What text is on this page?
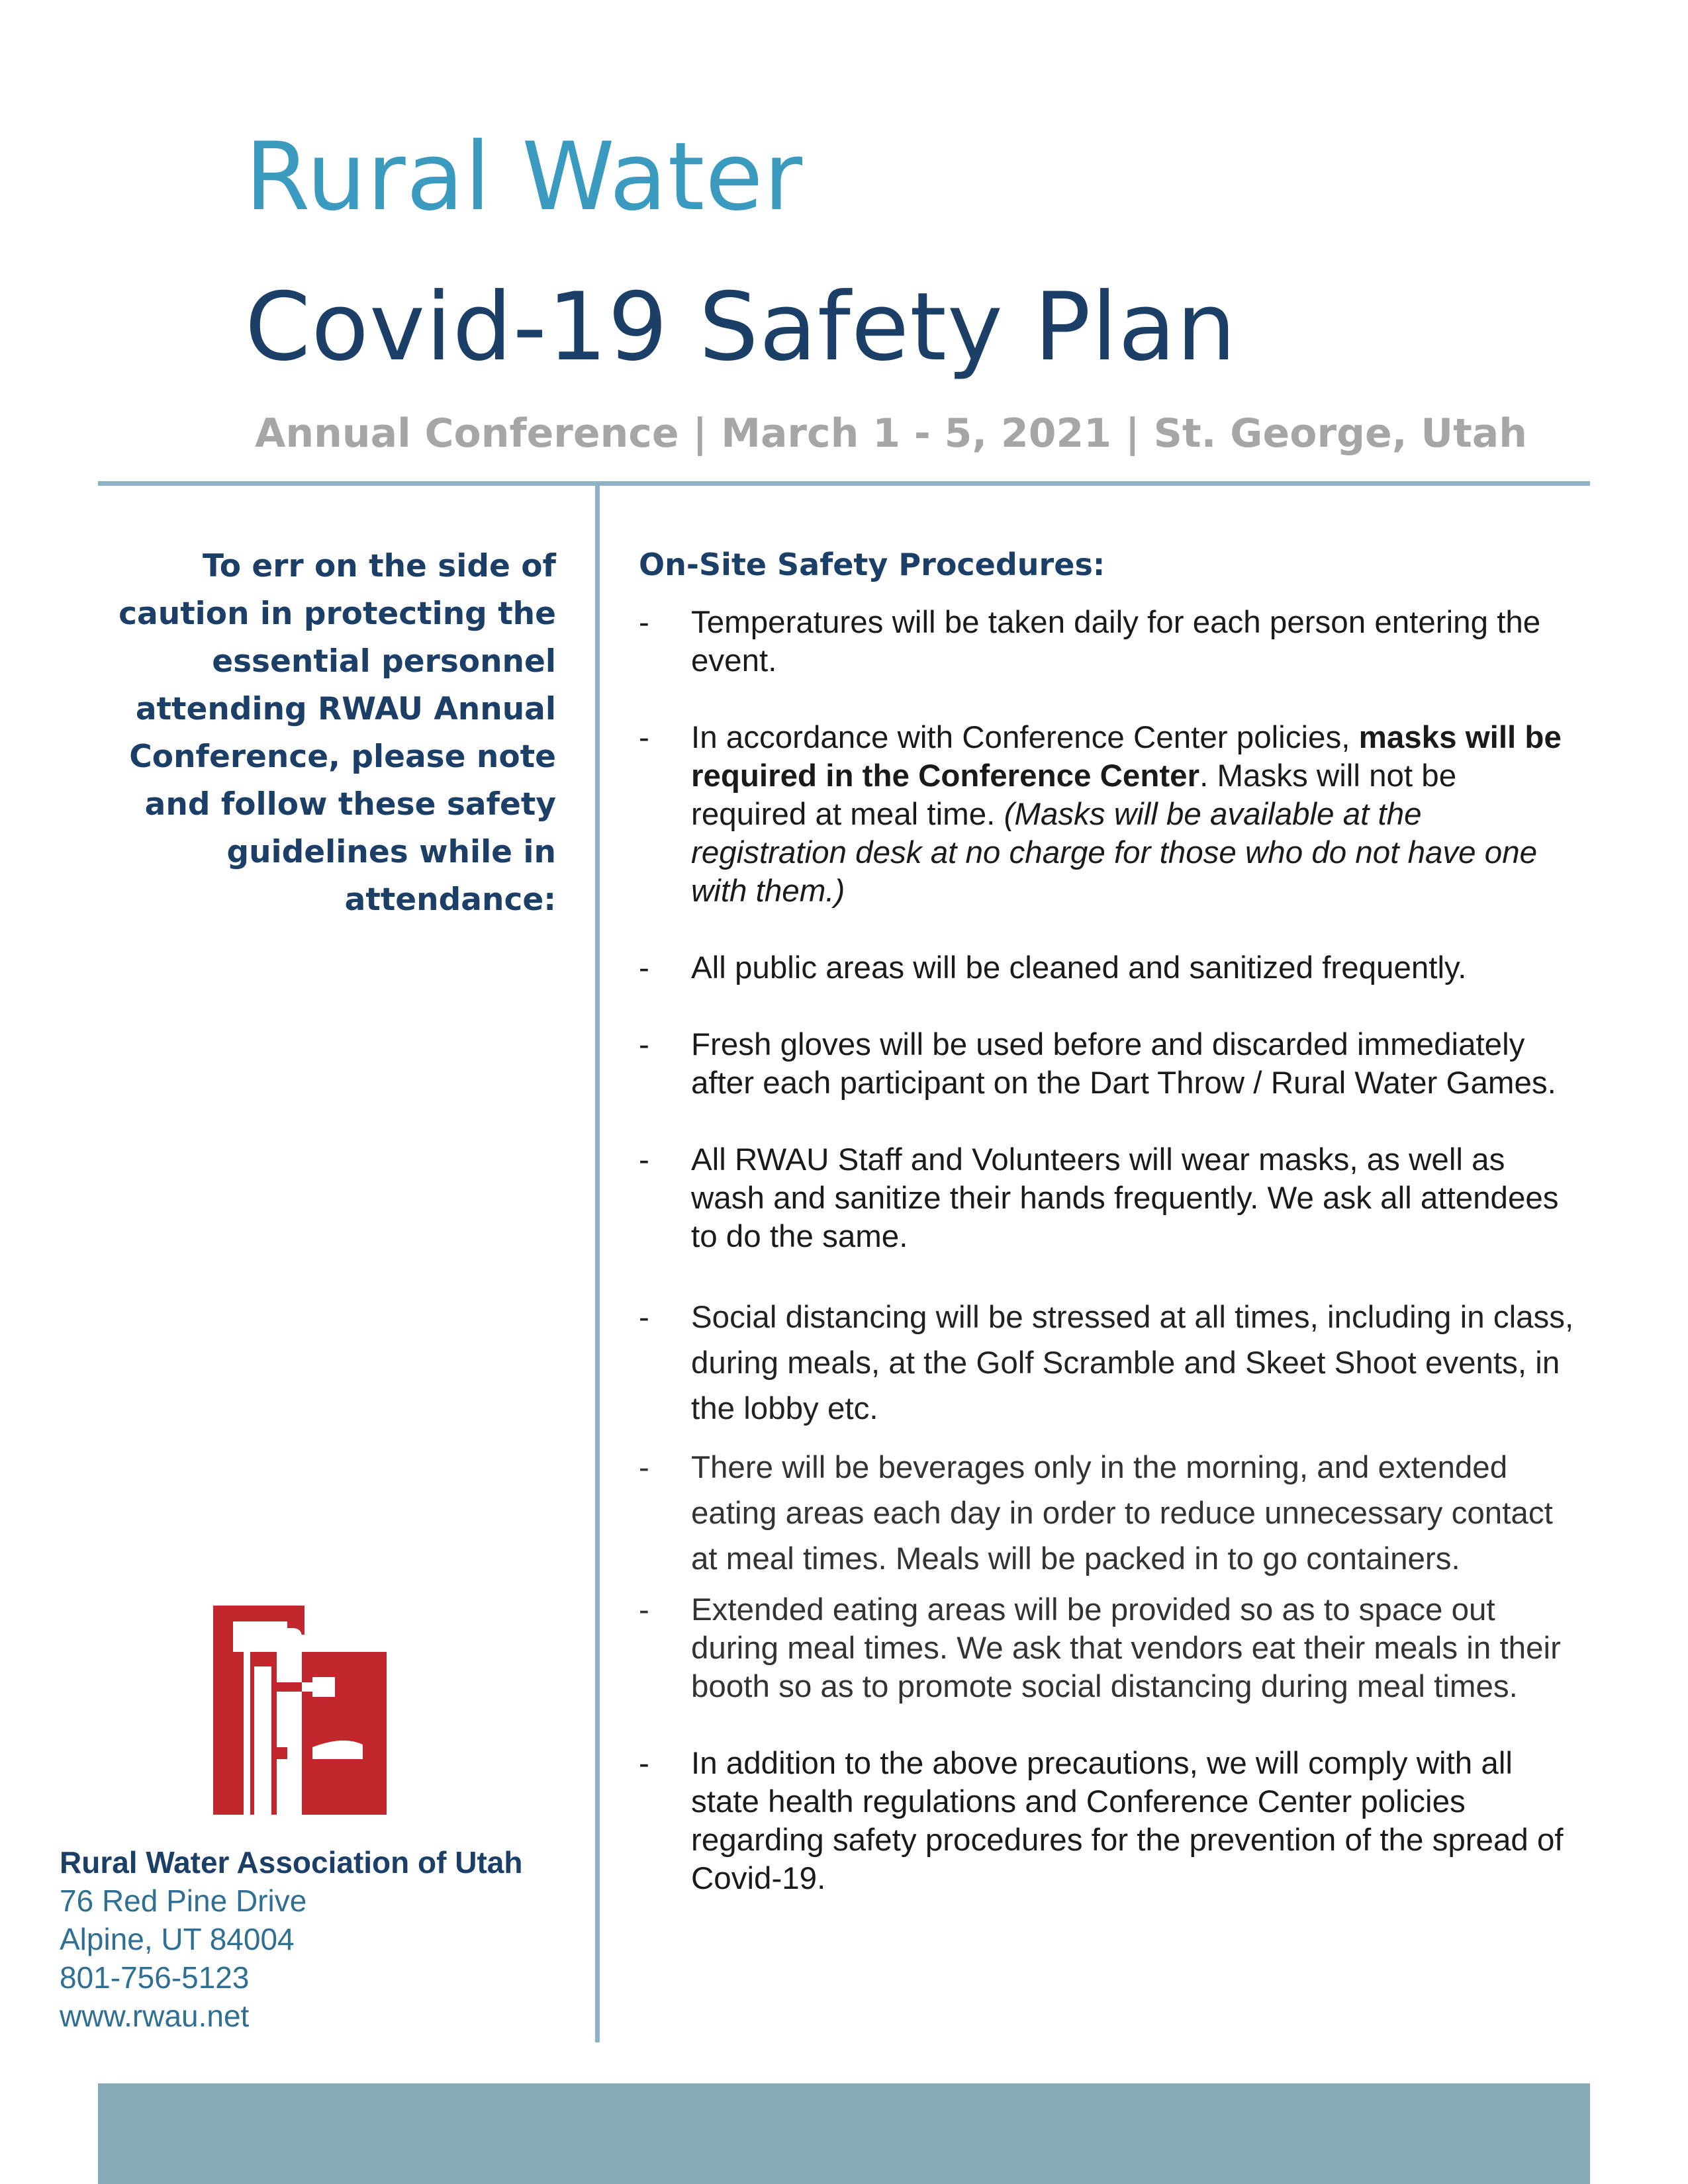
Rural Water
Covid-19 Safety Plan
Annual Conference | March 1 - 5, 2021 | St. George, Utah
To err on the side of
caution in protecting the
essential personnel
attending RWAU Annual
Conference, please note
and follow these safety
guidelines while in
attendance:
On-Site Safety Procedures:
- Temperatures will be taken daily for each person entering the event.
- In accordance with Conference Center policies, masks will be required in the Conference Center. Masks will not be required at meal time. (Masks will be available at the registration desk at no charge for those who do not have one with them.)
- All public areas will be cleaned and sanitized frequently.
- Fresh gloves will be used before and discarded immediately after each participant on the Dart Throw / Rural Water Games.
- All RWAU Staff and Volunteers will wear masks, as well as wash and sanitize their hands frequently. We ask all attendees to do the same.
- Social distancing will be stressed at all times, including in class, during meals, at the Golf Scramble and Skeet Shoot events, in the lobby etc.
- There will be beverages only in the morning, and extended eating areas each day in order to reduce unnecessary contact at meal times. Meals will be packed in to go containers.
- Extended eating areas will be provided so as to space out during meal times. We ask that vendors eat their meals in their booth so as to promote social distancing during meal times.
- In addition to the above precautions, we will comply with all state health regulations and Conference Center policies regarding safety procedures for the prevention of the spread of Covid-19.
Rural Water Association of Utah
76 Red Pine Drive
Alpine, UT 84004
801-756-5123
www.rwau.net
